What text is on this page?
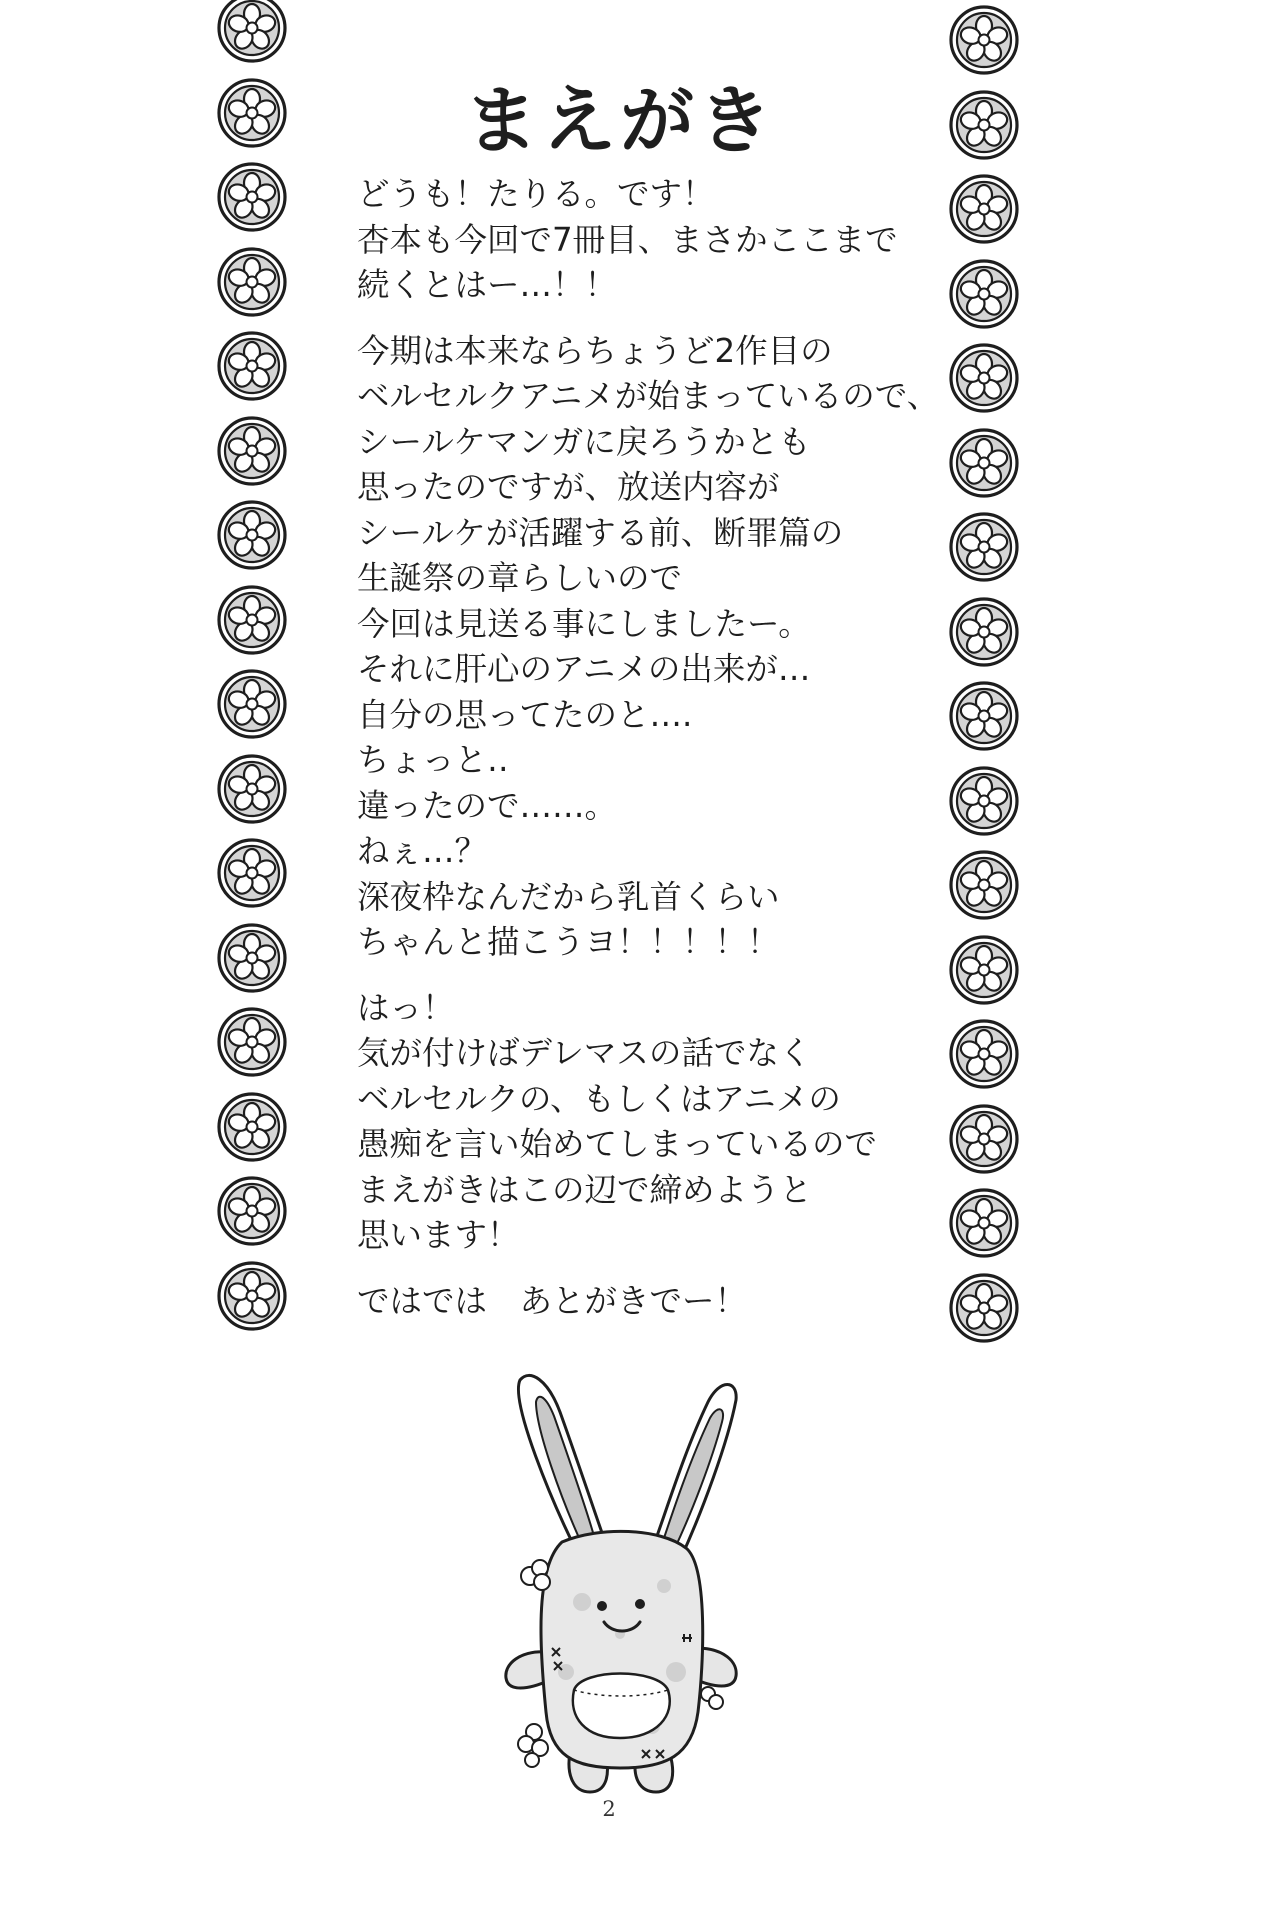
まえがき
どうも！たりる。です！
杏本も今回で7冊目、まさかここまで
続くとはー…！！
今期は本来ならちょうど2作目の
ベルセルクアニメが始まっているので、
シールケマンガに戻ろうかとも
思ったのですが、放送内容が
シールケが活躍する前、断罪篇の
生誕祭の章らしいので
今回は見送る事にしましたー。
それに肝心のアニメの出来が…
自分の思ってたのと….
ちょっと‥
違ったので……。
ねぇ…？
深夜枠なんだから乳首くらい
ちゃんと描こうヨ！！！！！
はっ！
気が付けばデレマスの話でなく
ベルセルクの、もしくはアニメの
愚痴を言い始めてしまっているので
まえがきはこの辺で締めようと
思います！
ではでは　あとがきでー！
2
